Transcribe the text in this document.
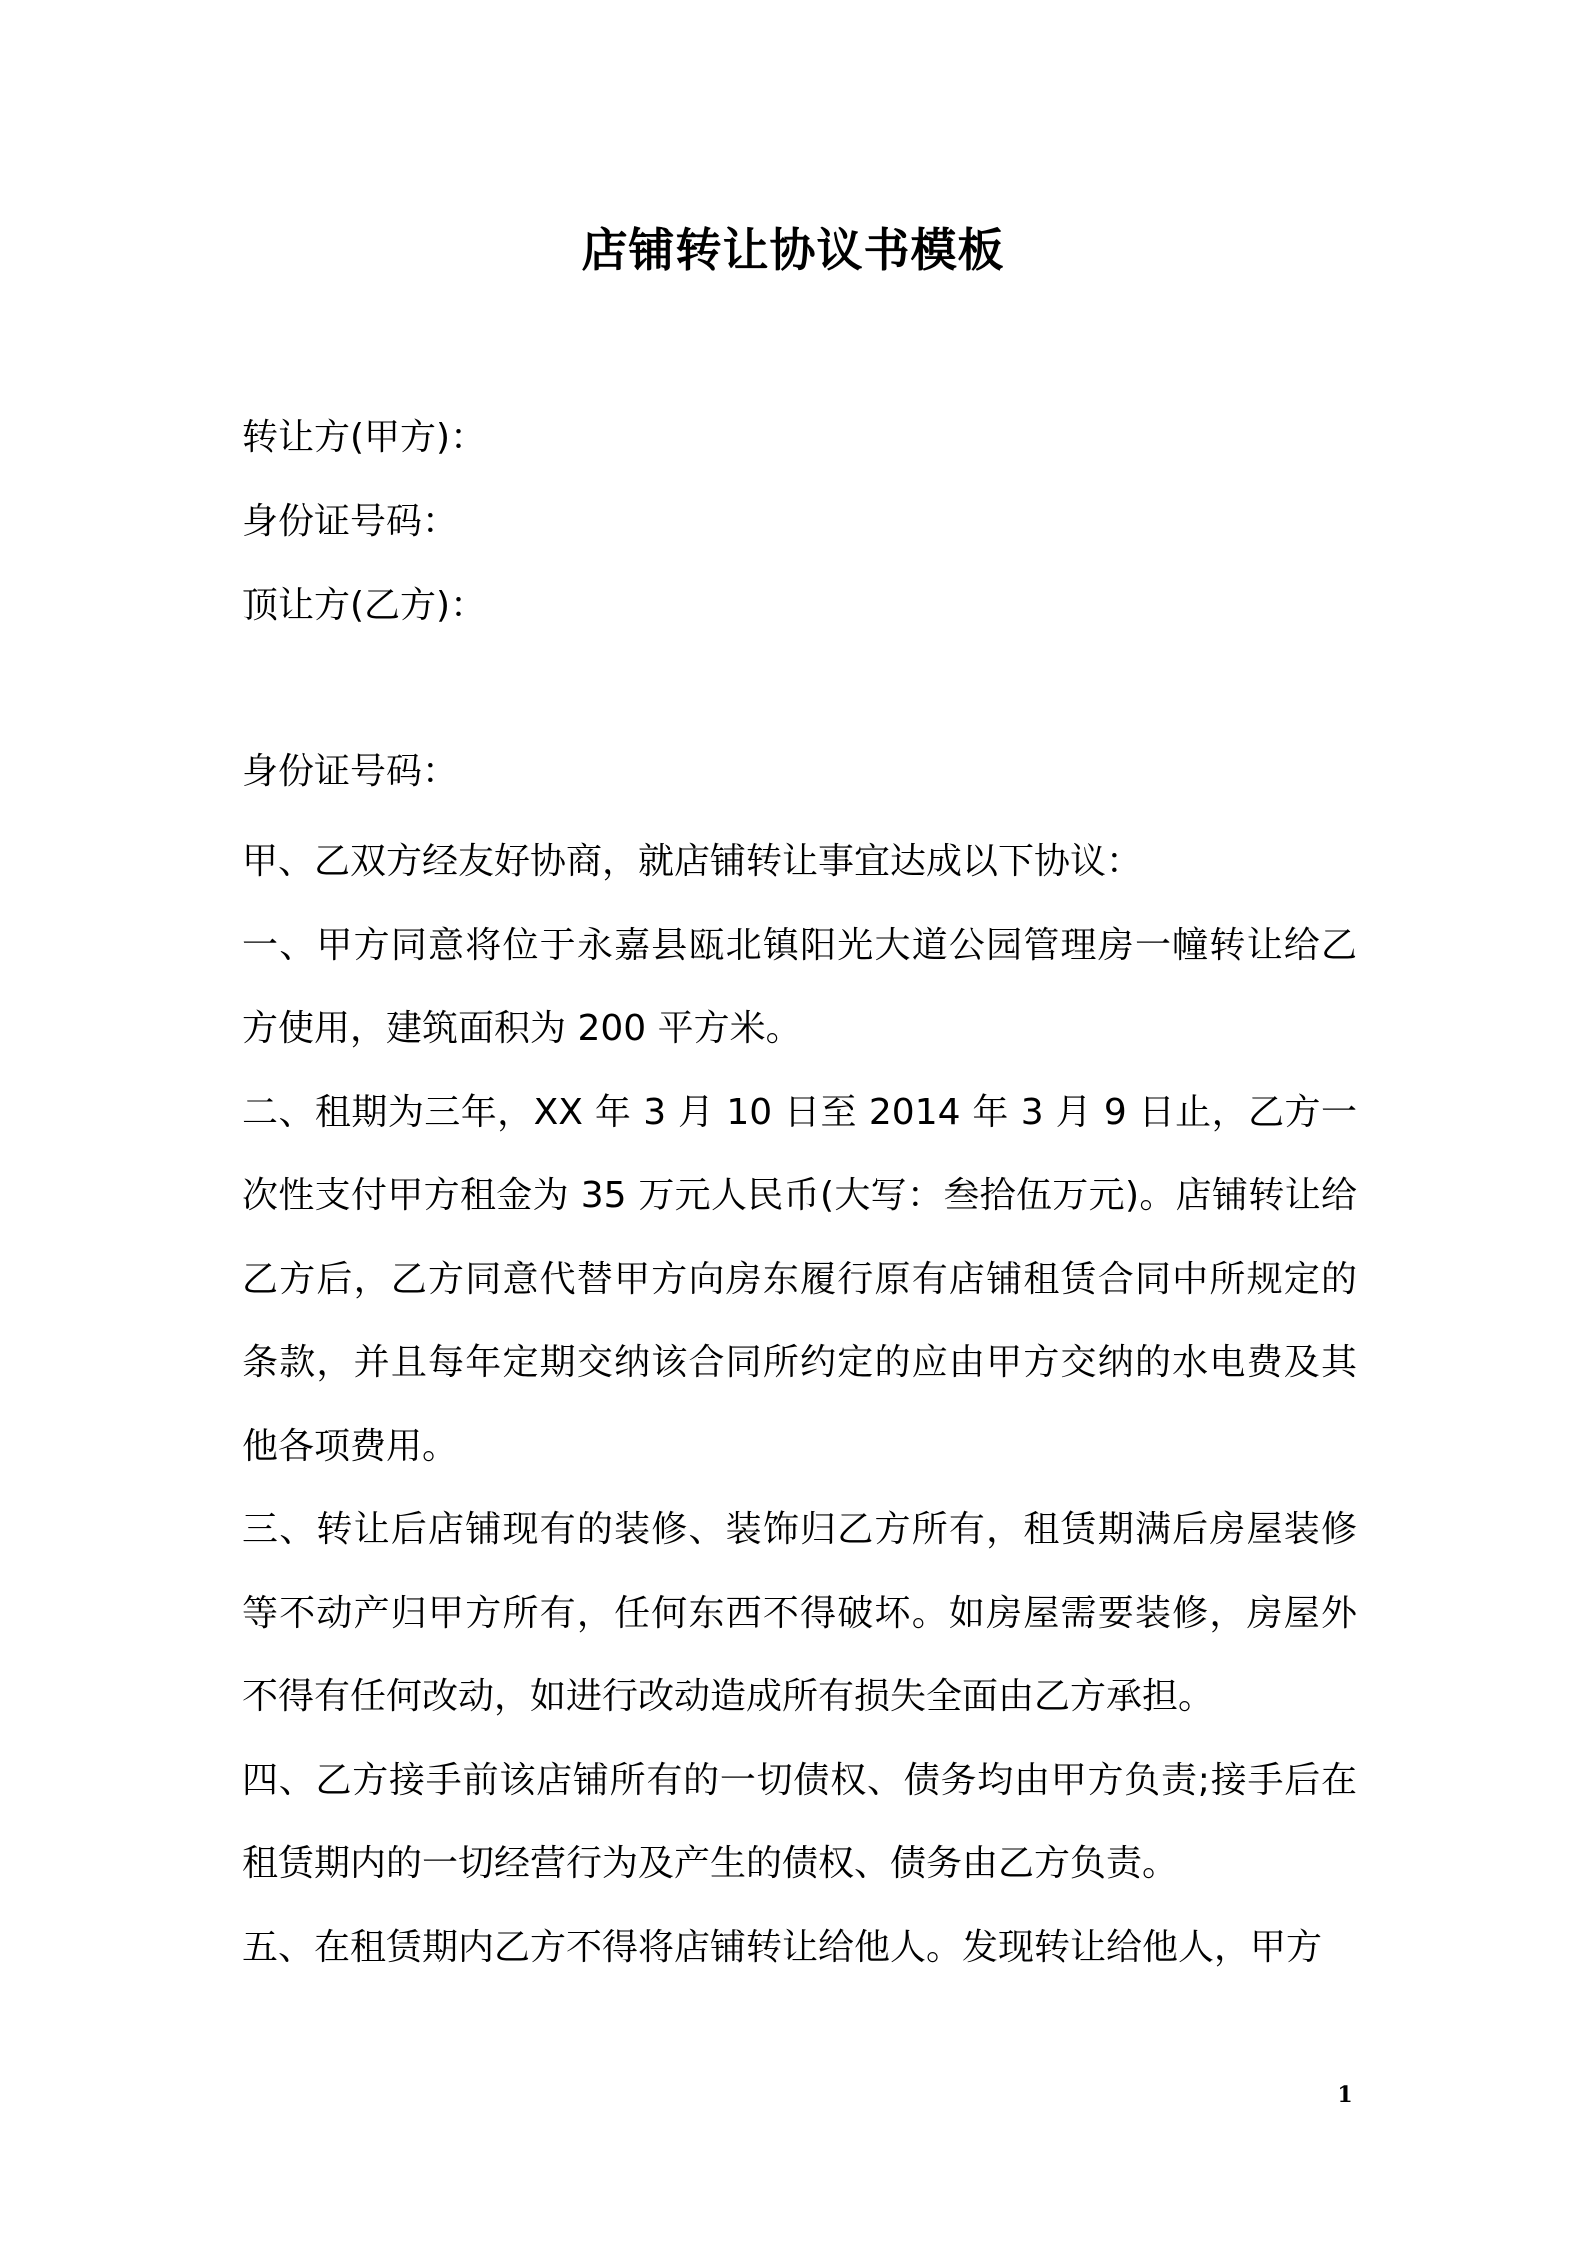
店铺转让协议书模板
转让方(甲方)：
身份证号码：
顶让方(乙方)：
身份证号码：

甲、乙双方经友好协商，就店铺转让事宜达成以下协议：

一、甲方同意将位于永嘉县瓯北镇阳光大道公园管理房一幢转让给乙方使用，建筑面积为 200 平方米。

二、租期为三年，XX 年 3 月 10 日至 2014 年 3 月 9 日止，乙方一次性支付甲方租金为 35 万元人民币(大写：叁拾伍万元)。店铺转让给乙方后，乙方同意代替甲方向房东履行原有店铺租赁合同中所规定的条款，并且每年定期交纳该合同所约定的应由甲方交纳的水电费及其他各项费用。

三、转让后店铺现有的装修、装饰归乙方所有，租赁期满后房屋装修等不动产归甲方所有，任何东西不得破坏。如房屋需要装修，房屋外不得有任何改动，如进行改动造成所有损失全面由乙方承担。

四、乙方接手前该店铺所有的一切债权、债务均由甲方负责;接手后在租赁期内的一切经营行为及产生的债权、债务由乙方负责。

五、在租赁期内乙方不得将店铺转让给他人。发现转让给他人，甲方

1
